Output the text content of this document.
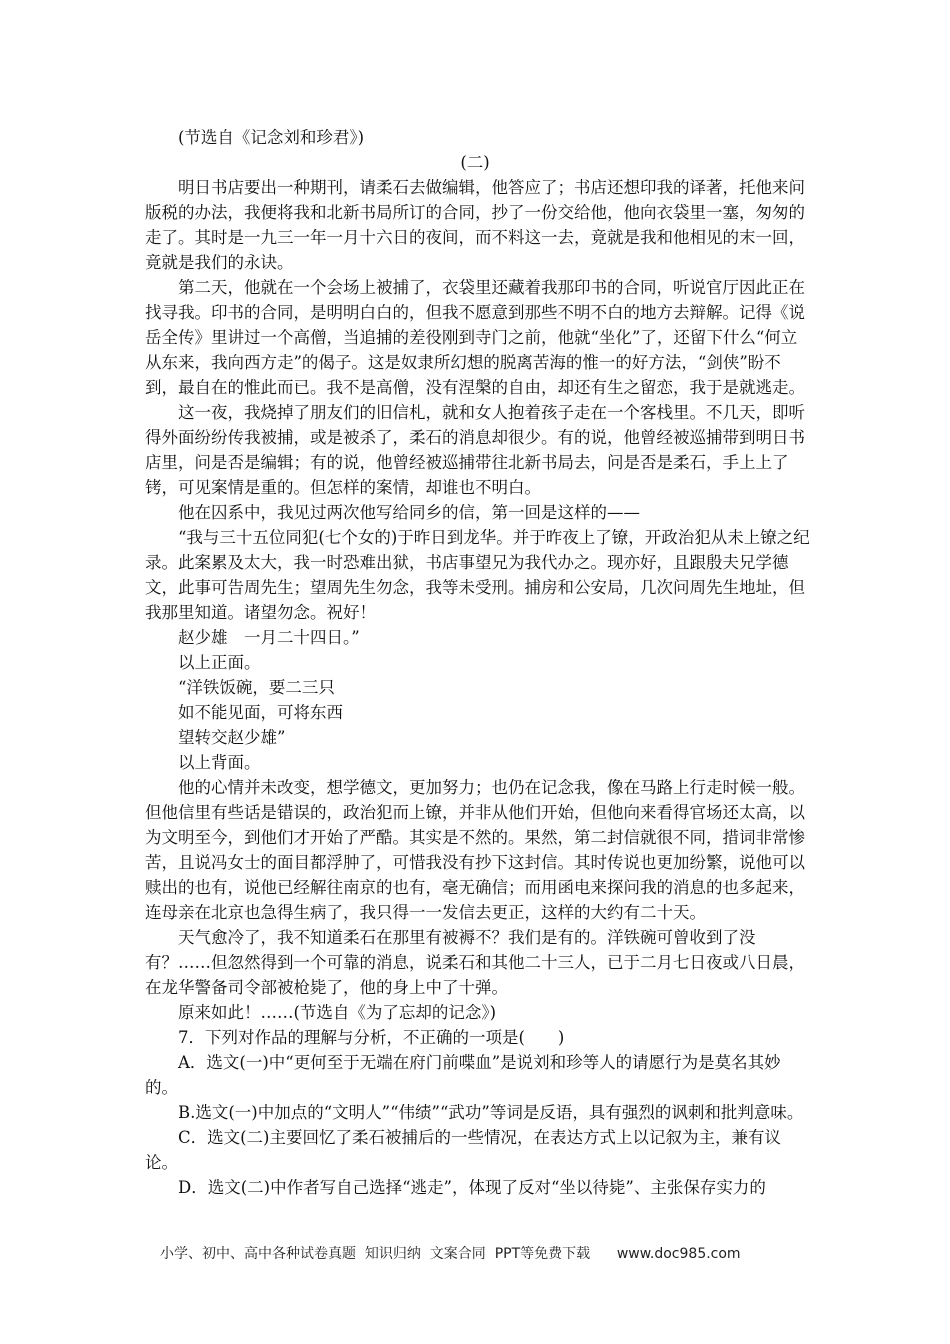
(节选自《记念刘和珍君》)

(二)

明日书店要出一种期刊，请柔石去做编辑，他答应了；书店还想印我的译著，托他来问版税的办法，我便将我和北新书局所订的合同，抄了一份交给他，他向衣袋里一塞，匆匆的走了。其时是一九三一年一月十六日的夜间，而不料这一去，竟就是我和他相见的末一回，竟就是我们的永诀。

第二天，他就在一个会场上被捕了，衣袋里还藏着我那印书的合同，听说官厅因此正在找寻我。印书的合同，是明明白白的，但我不愿意到那些不明不白的地方去辩解。记得《说岳全传》里讲过一个高僧，当追捕的差役刚到寺门之前，他就“坐化”了，还留下什么“何立从东来，我向西方走”的偈子。这是奴隶所幻想的脱离苦海的惟一的好方法，“剑侠”盼不到，最自在的惟此而已。我不是高僧，没有涅槃的自由，却还有生之留恋，我于是就逃走。

这一夜，我烧掉了朋友们的旧信札，就和女人抱着孩子走在一个客栈里。不几天，即听得外面纷纷传我被捕，或是被杀了，柔石的消息却很少。有的说，他曾经被巡捕带到明日书店里，问是否是编辑；有的说，他曾经被巡捕带往北新书局去，问是否是柔石，手上上了铐，可见案情是重的。但怎样的案情，却谁也不明白。

他在囚系中，我见过两次他写给同乡的信，第一回是这样的——

“我与三十五位同犯(七个女的)于昨日到龙华。并于昨夜上了镣，开政治犯从未上镣之纪录。此案累及太大，我一时恐难出狱，书店事望兄为我代办之。现亦好，且跟殷夫兄学德文，此事可告周先生；望周先生勿念，我等未受刑。捕房和公安局，几次问周先生地址，但我那里知道。诸望勿念。祝好！

赵少雄　一月二十四日。”

以上正面。

“洋铁饭碗，要二三只

如不能见面，可将东西

望转交赵少雄”

以上背面。

他的心情并未改变，想学德文，更加努力；也仍在记念我，像在马路上行走时候一般。但他信里有些话是错误的，政治犯而上镣，并非从他们开始，但他向来看得官场还太高，以为文明至今，到他们才开始了严酷。其实是不然的。果然，第二封信就很不同，措词非常惨苦，且说冯女士的面目都浮肿了，可惜我没有抄下这封信。其时传说也更加纷繁，说他可以赎出的也有，说他已经解往南京的也有，毫无确信；而用函电来探问我的消息的也多起来，连母亲在北京也急得生病了，我只得一一发信去更正，这样的大约有二十天。

天气愈冷了，我不知道柔石在那里有被褥不？我们是有的。洋铁碗可曾收到了没有？……但忽然得到一个可靠的消息，说柔石和其他二十三人，已于二月七日夜或八日晨，在龙华警备司令部被枪毙了，他的身上中了十弹。

原来如此！……(节选自《为了忘却的记念》)

7．下列对作品的理解与分析，不正确的一项是(　　)

A．选文(一)中“更何至于无端在府门前喋血”是说刘和珍等人的请愿行为是莫名其妙的。

B.选文(一)中加点的“文明人”“伟绩”“武功”等词是反语，具有强烈的讽刺和批判意味。

C．选文(二)主要回忆了柔石被捕后的一些情况，在表达方式上以记叙为主，兼有议论。

D．选文(二)中作者写自己选择“逃走”，体现了反对“坐以待毙”、主张保存实力的

小学、初中、高中各种试卷真题  知识归纳  文案合同  PPT等免费下载      www.doc985.com
